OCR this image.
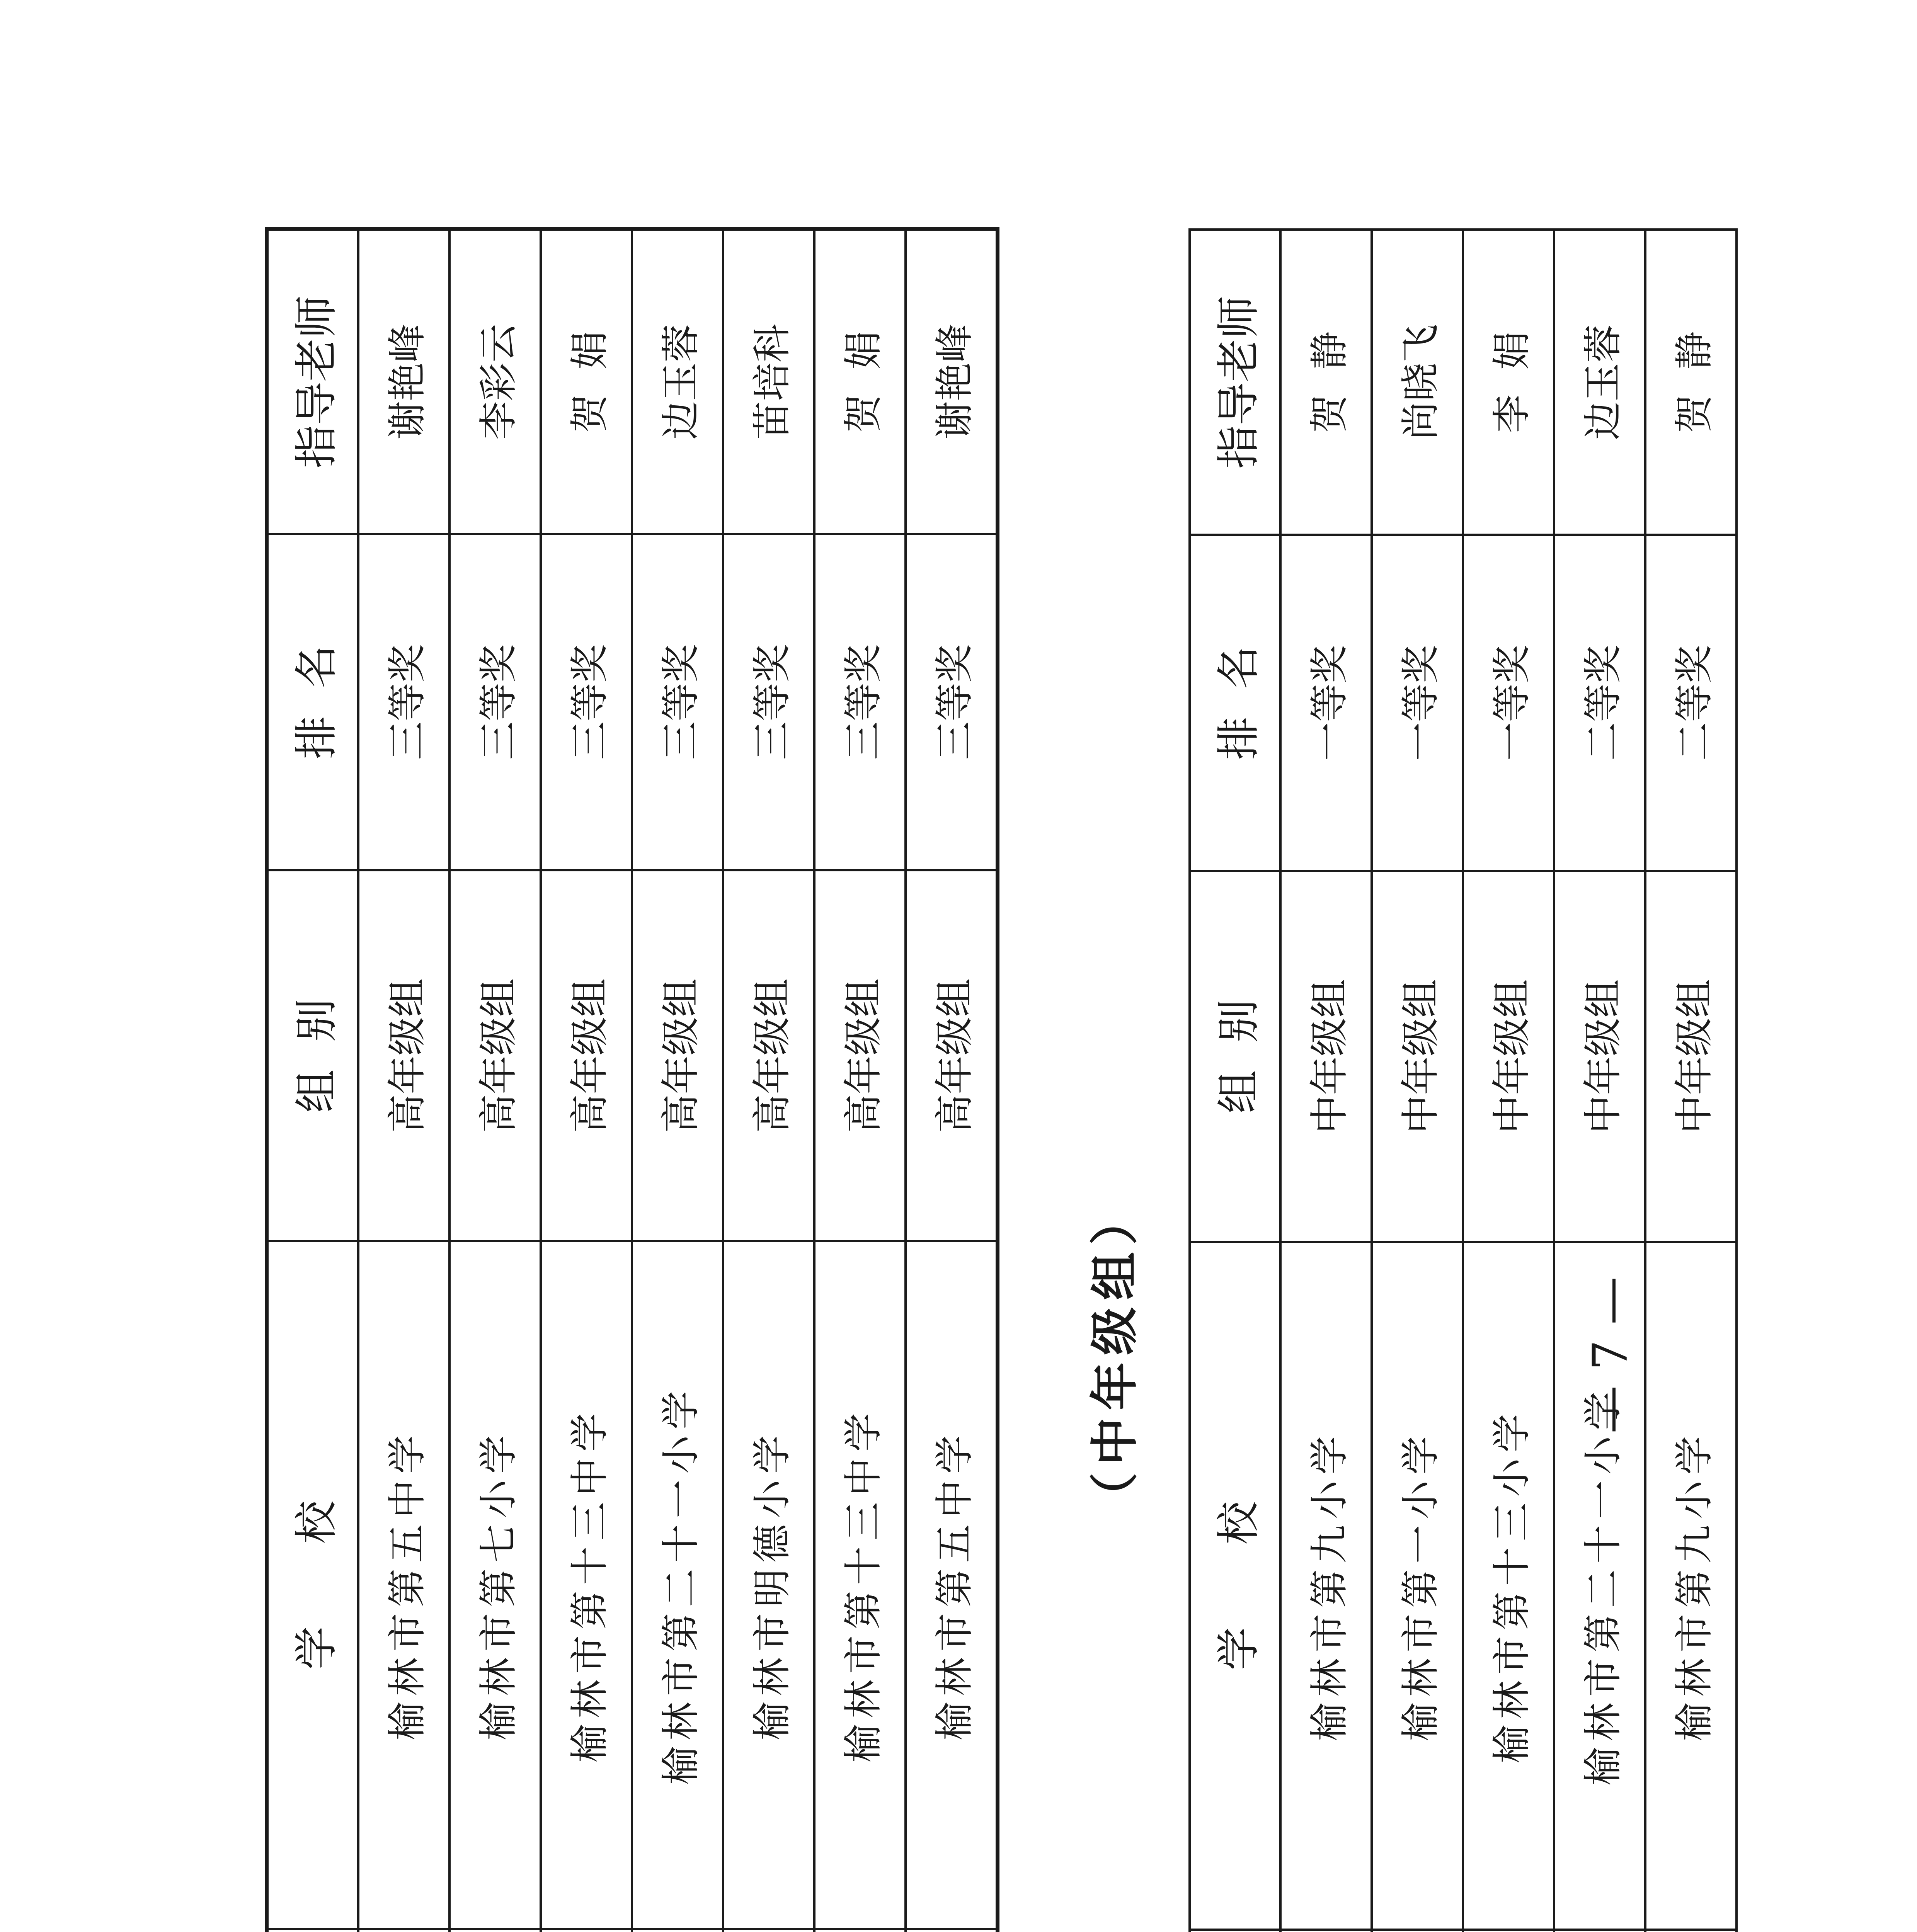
			学      校	组  别	排  名	指导老师
			榆林市第五中学	高年级组	三等奖	谢艳峰
			榆林市第七小学	高年级组	三等奖	李彩云
			榆林市第十三中学	高年级组	三等奖	贺  娟
			榆林市第二十一小学	高年级组	三等奖	边玉蓉
			榆林市明德小学	高年级组	三等奖	苗培科
			榆林市第十三中学	高年级组	三等奖	贺  娟
			榆林市第五中学	高年级组	三等奖	谢艳峰
（中年级组）
			学      校	组  别	排  名	指导老师
			榆林市第九小学	中年级组	一等奖	贺  静
			榆林市第一小学	中年级组	一等奖	尚晓飞
			榆林市第十三小学	中年级组	一等奖	李  娟
			榆林市第二十一小学	中年级组	二等奖	边玉蓉
			榆林市第九小学	中年级组	二等奖	贺  静
— 7 —
